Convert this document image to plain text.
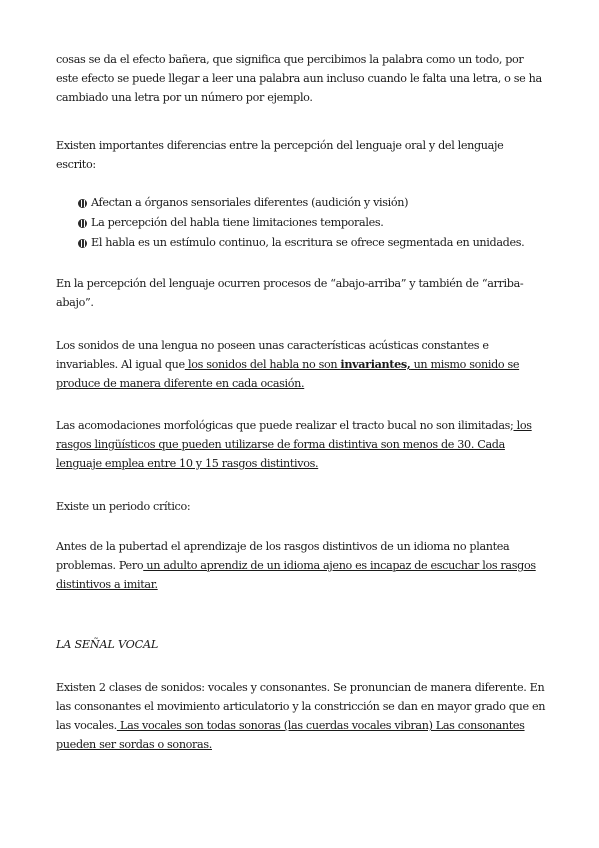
cosas se da el efecto bañera, que significa que percibimos la palabra como un todo, por este efecto se puede llegar a leer una palabra aun incluso cuando le falta una letra, o se ha cambiado una letra por un número por ejemplo.

Existen importantes diferencias entre la percepción del lenguaje oral y del lenguaje escrito:

Afectan a órganos sensoriales diferentes (audición y visión)
La percepción del habla tiene limitaciones temporales.
El habla es un estímulo continuo, la escritura se ofrece segmentada en unidades.

En la percepción del lenguaje ocurren procesos de “abajo-arriba” y también de “arriba-abajo”.

Los sonidos de una lengua no poseen unas características acústicas constantes e invariables. Al igual que los sonidos del habla no son invariantes, un mismo sonido se produce de manera diferente en cada ocasión.

Las acomodaciones morfológicas que puede realizar el tracto bucal no son ilimitadas; los rasgos lingüísticos que pueden utilizarse de forma distintiva son menos de 30. Cada lenguaje emplea entre 10 y 15 rasgos distintivos.

Existe un periodo crítico:

Antes de la pubertad el aprendizaje de los rasgos distintivos de un idioma no plantea problemas. Pero un adulto aprendiz de un idioma ajeno es incapaz de escuchar los rasgos distintivos a imitar.

LA SEÑAL VOCAL

Existen 2 clases de sonidos: vocales y consonantes. Se pronuncian de manera diferente. En las consonantes el movimiento articulatorio y la constricción se dan en mayor grado que en las vocales. Las vocales son todas sonoras (las cuerdas vocales vibran) Las consonantes pueden ser sordas o sonoras.
